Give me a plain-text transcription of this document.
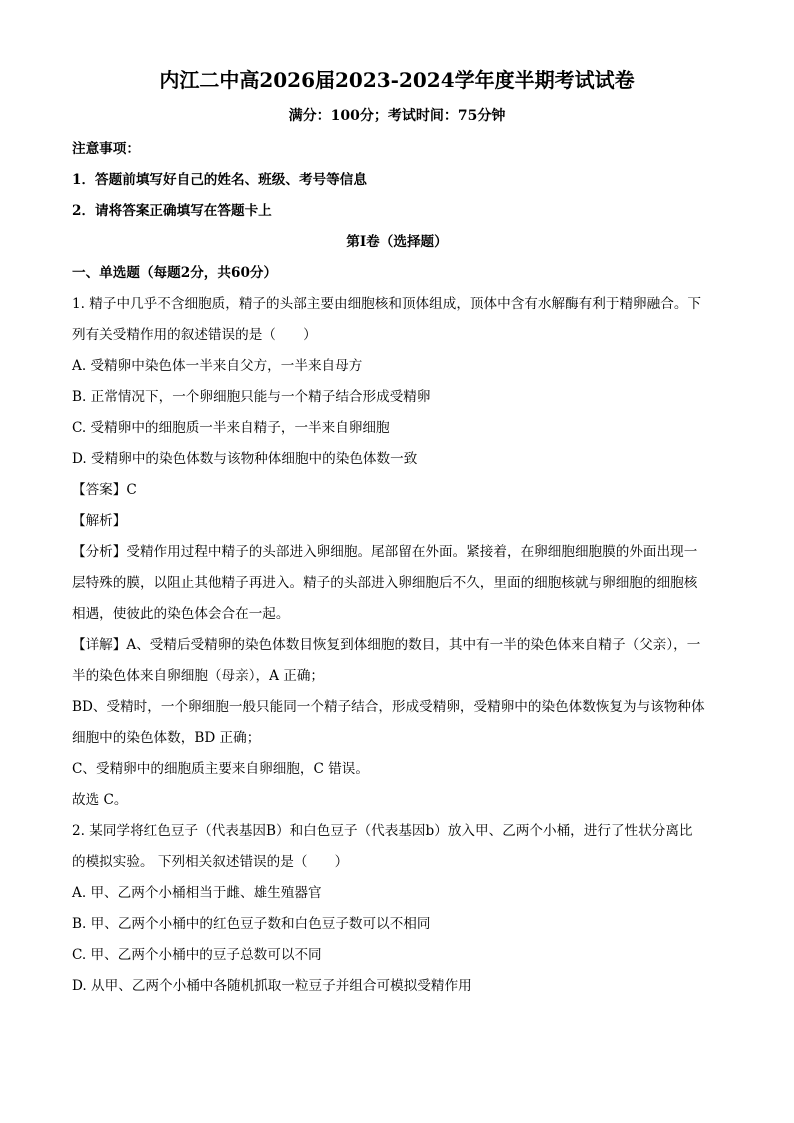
内江二中高2026届2023-2024学年度半期考试试卷

满分：100分；考试时间：75分钟

注意事项：

1．答题前填写好自己的姓名、班级、考号等信息

2．请将答案正确填写在答题卡上

第I卷（选择题）

一、单选题（每题2分，共60分）

1. 精子中几乎不含细胞质，精子的头部主要由细胞核和顶体组成，顶体中含有水解酶有利于精卵融合。下

列有关受精作用的叙述错误的是（　　）

A. 受精卵中染色体一半来自父方，一半来自母方

B. 正常情况下，一个卵细胞只能与一个精子结合形成受精卵

C. 受精卵中的细胞质一半来自精子，一半来自卵细胞

D. 受精卵中的染色体数与该物种体细胞中的染色体数一致

【答案】C

【解析】

【分析】受精作用过程中精子的头部进入卵细胞。尾部留在外面。紧接着，在卵细胞细胞膜的外面出现一

层特殊的膜，以阻止其他精子再进入。精子的头部进入卵细胞后不久，里面的细胞核就与卵细胞的细胞核

相遇，使彼此的染色体会合在一起。

【详解】A、受精后受精卵的染色体数目恢复到体细胞的数目，其中有一半的染色体来自精子（父亲），一

半的染色体来自卵细胞（母亲），A 正确；

BD、受精时，一个卵细胞一般只能同一个精子结合，形成受精卵，受精卵中的染色体数恢复为与该物种体

细胞中的染色体数，BD 正确；

C、受精卵中的细胞质主要来自卵细胞，C 错误。

故选 C。

2. 某同学将红色豆子（代表基因B）和白色豆子（代表基因b）放入甲、乙两个小桶，进行了性状分离比

的模拟实验。 下列相关叙述错误的是（　　）

A. 甲、乙两个小桶相当于雌、雄生殖器官

B. 甲、乙两个小桶中的红色豆子数和白色豆子数可以不相同

C. 甲、乙两个小桶中的豆子总数可以不同

D. 从甲、乙两个小桶中各随机抓取一粒豆子并组合可模拟受精作用
